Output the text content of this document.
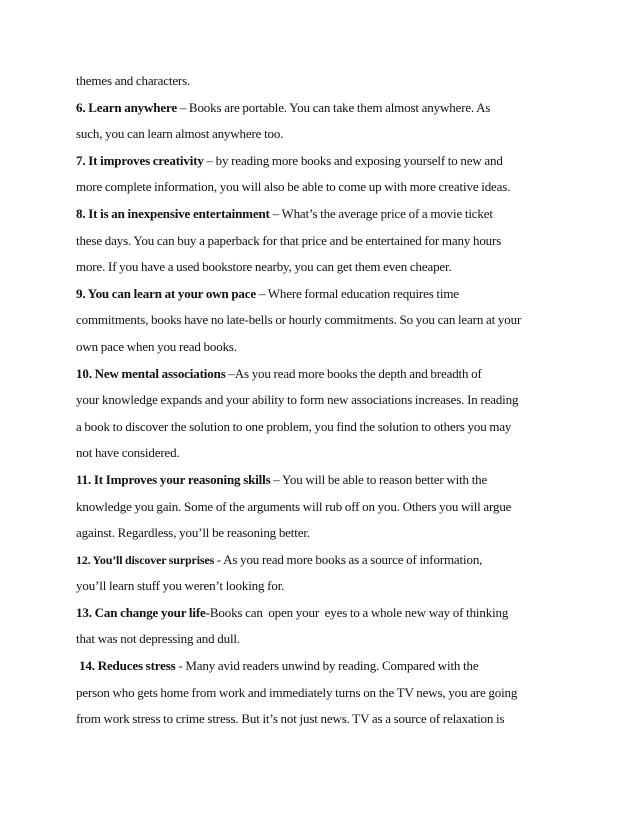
themes and characters.
6. Learn anywhere – Books are portable. You can take them almost anywhere. As
such, you can learn almost anywhere too.
7. It improves creativity – by reading more books and exposing yourself to new and
more complete information, you will also be able to come up with more creative ideas.
8. It is an inexpensive entertainment – What’s the average price of a movie ticket
these days. You can buy a paperback for that price and be entertained for many hours
more. If you have a used bookstore nearby, you can get them even cheaper.
9. You can learn at your own pace – Where formal education requires time
commitments, books have no late-bells or hourly commitments. So you can learn at your
own pace when you read books.
10. New mental associations –As you read more books the depth and breadth of
your knowledge expands and your ability to form new associations increases. In reading
a book to discover the solution to one problem, you find the solution to others you may
not have considered.
11. It Improves your reasoning skills – You will be able to reason better with the
knowledge you gain. Some of the arguments will rub off on you. Others you will argue
against. Regardless, you’ll be reasoning better.
12. You’ll discover surprises - As you read more books as a source of information,
you’ll learn stuff you weren’t looking for.
13. Can change your life-Books can  open your  eyes to a whole new way of thinking
that was not depressing and dull.
14. Reduces stress - Many avid readers unwind by reading. Compared with the
person who gets home from work and immediately turns on the TV news, you are going
from work stress to crime stress. But it’s not just news. TV as a source of relaxation is
